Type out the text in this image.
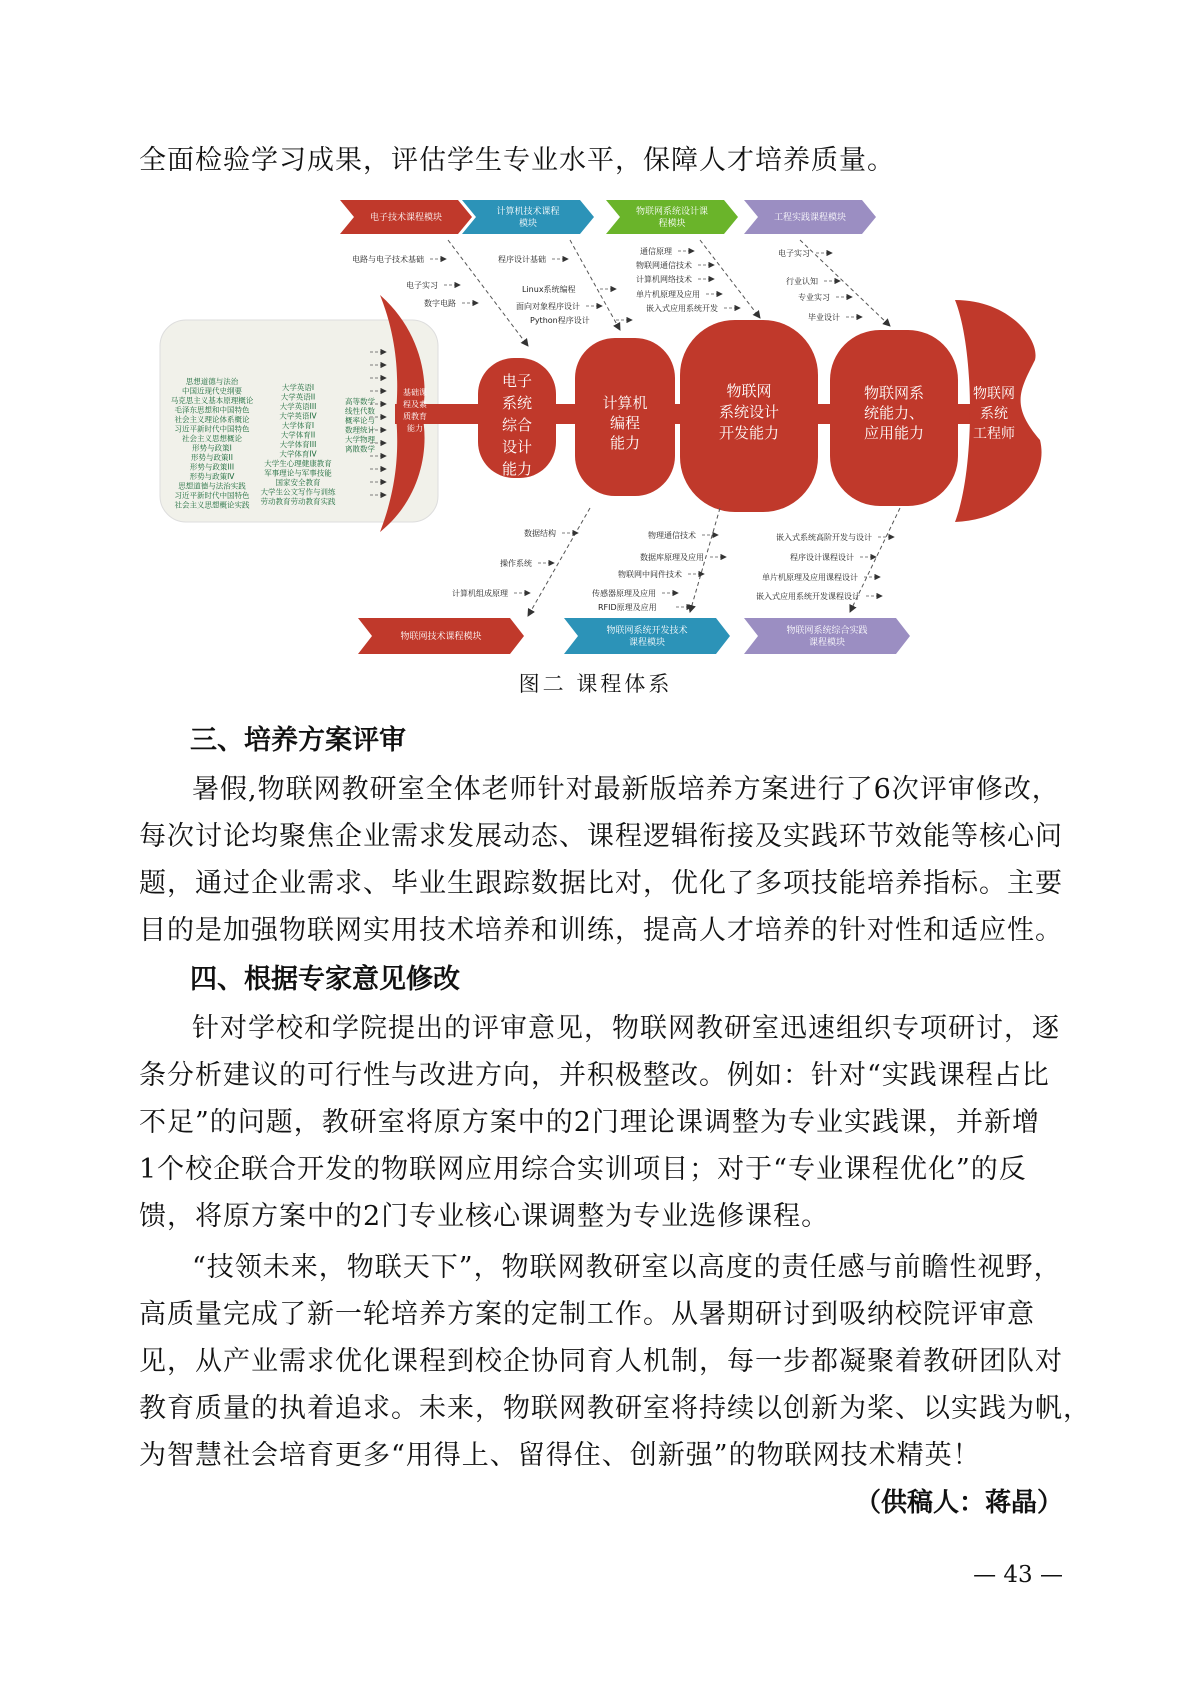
全面检验学习成果，评估学生专业水平，保障人才培养质量。
电子技术课程模块
计算机技术课程
模块
物联网系统设计课
程模块
工程实践课程模块
物联网技术课程模块
物联网系统开发技术
课程模块
物联网系统综合实践
课程模块
电路与电子技术基础
电子实习
数字电路
程序设计基础
Linux系统编程
面向对象程序设计
Python程序设计
通信原理
物联网通信技术
计算机网络技术
单片机原理及应用
嵌入式应用系统开发
电子实习
行业认知
专业实习
毕业设计
数据结构
操作系统
计算机组成原理
物理通信技术
数据库原理及应用
物联网中间件技术
传感器原理及应用
RFID原理及应用
嵌入式系统高阶开发与设计
程序设计课程设计
单片机原理及应用课程设计
嵌入式应用系统开发课程设计
电子
系统
综合
设计
能力
计算机
编程
能力
物联网
系统设计
开发能力
物联网系
统能力、
应用能力
物联网
系统
工程师
基础课
程及素
质教育
能力
思想道德与法治
中国近现代史纲要
马克思主义基本原理概论
毛泽东思想和中国特色
社会主义理论体系概论
习近平新时代中国特色
社会主义思想概论
形势与政策I
形势与政策II
形势与政策III
形势与政策IV
思想道德与法治实践
习近平新时代中国特色
社会主义思想概论实践
大学英语I
大学英语II
大学英语III
大学英语IV
大学体育I
大学体育II
大学体育III
大学体育IV
大学生心理健康教育
军事理论与军事技能
国家安全教育
大学生公文写作与训练
劳动教育劳动教育实践
高等数学
线性代数
概率论与
数理统计
大学物理
离散数学
图二 课程体系
三、培养方案评审
暑假,物联网教研室全体老师针对最新版培养方案进行了6次评审修改，
每次讨论均聚焦企业需求发展动态、课程逻辑衔接及实践环节效能等核心问
题，通过企业需求、毕业生跟踪数据比对，优化了多项技能培养指标。主要
目的是加强物联网实用技术培养和训练，提高人才培养的针对性和适应性。
四、根据专家意见修改
针对学校和学院提出的评审意见，物联网教研室迅速组织专项研讨，逐
条分析建议的可行性与改进方向，并积极整改。例如：针对“实践课程占比
不足”的问题，教研室将原方案中的2门理论课调整为专业实践课，并新增
1个校企联合开发的物联网应用综合实训项目；对于“专业课程优化”的反
馈，将原方案中的2门专业核心课调整为专业选修课程。
“技领未来，物联天下”，物联网教研室以高度的责任感与前瞻性视野，
高质量完成了新一轮培养方案的定制工作。从暑期研讨到吸纳校院评审意
见，从产业需求优化课程到校企协同育人机制，每一步都凝聚着教研团队对
教育质量的执着追求。未来，物联网教研室将持续以创新为桨、以实践为帆，
为智慧社会培育更多“用得上、留得住、创新强”的物联网技术精英！
（供稿人：蒋晶）
— 43 —
